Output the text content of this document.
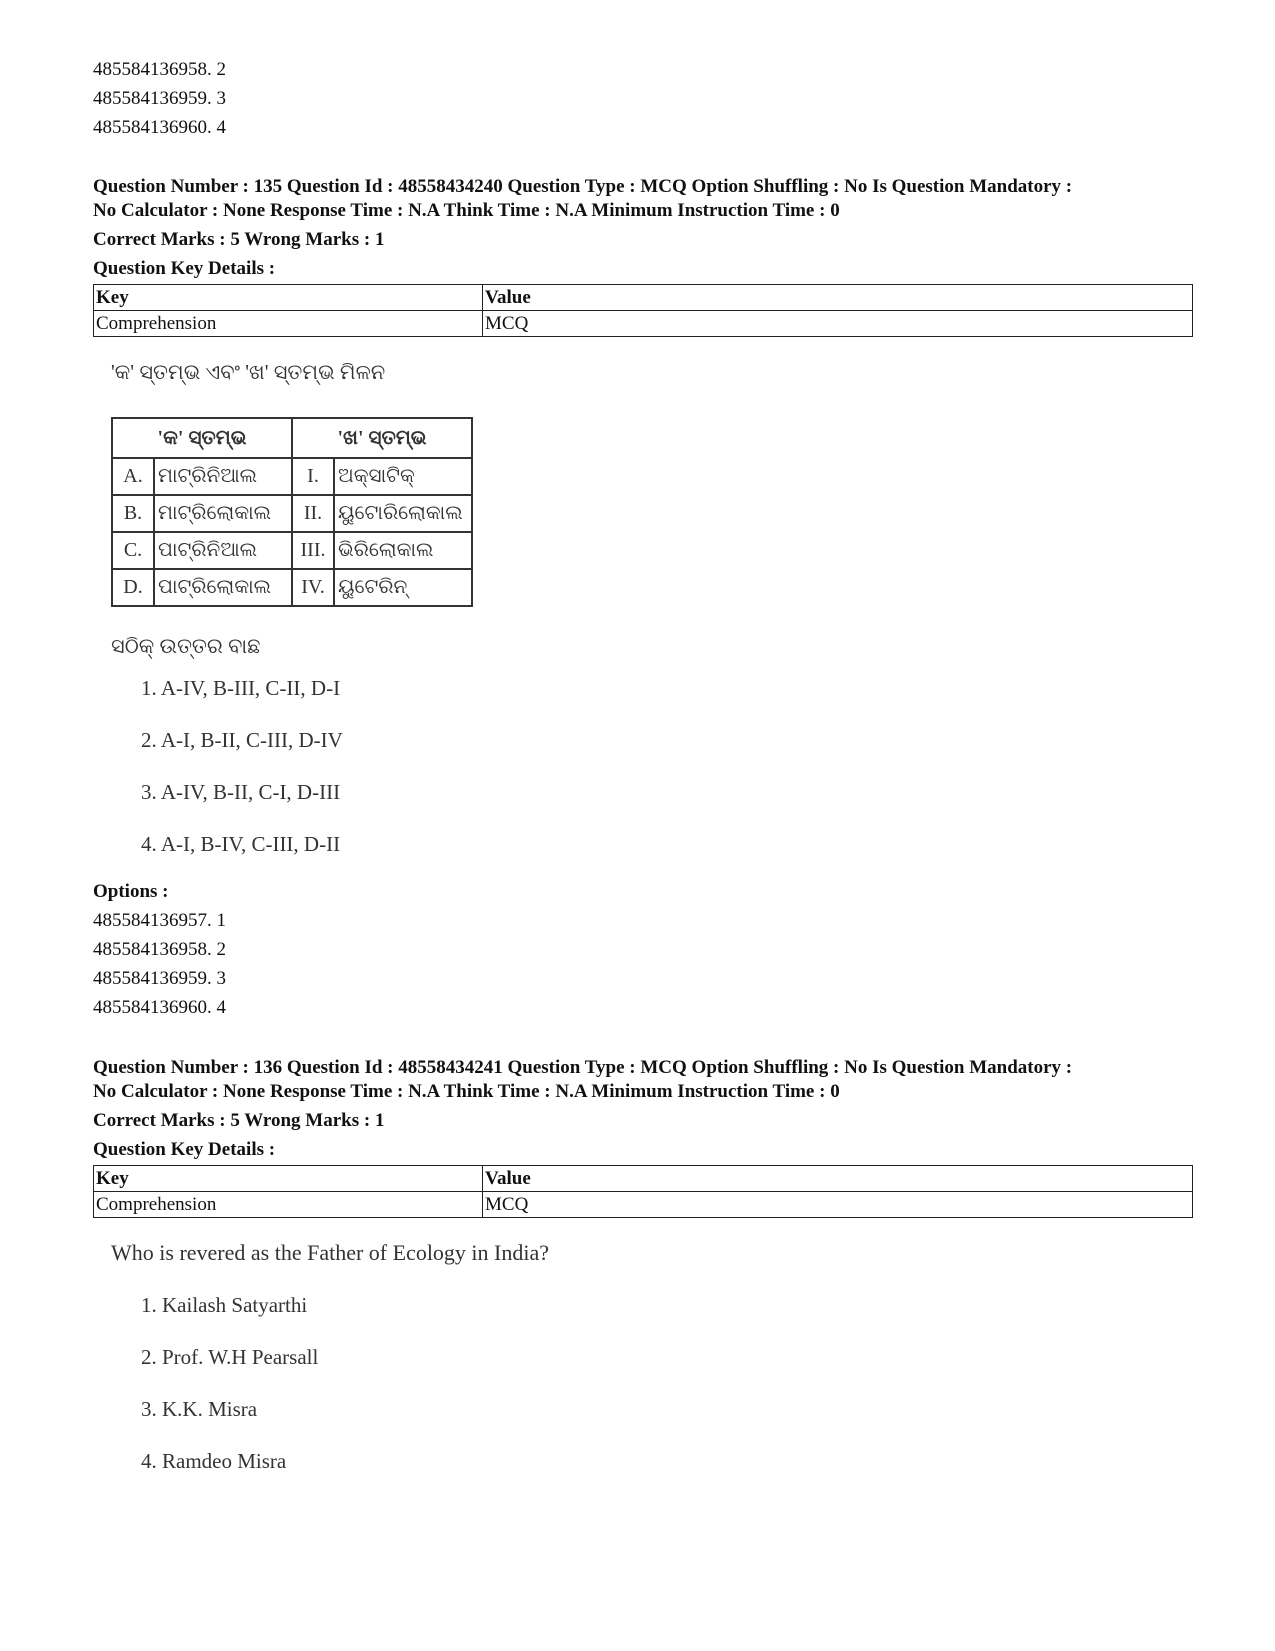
485584136958. 2
485584136959. 3
485584136960. 4
Question Number : 135 Question Id : 48558434240 Question Type : MCQ Option Shuffling : No Is Question Mandatory :
No Calculator : None Response Time : N.A Think Time : N.A Minimum Instruction Time : 0
Correct Marks : 5 Wrong Marks : 1
Question Key Details :
Key	Value
Comprehension	MCQ
'କ' ସ୍ତମ୍ଭ ଏବଂ 'ଖ' ସ୍ତମ୍ଭ ମିଳନ
'କ' ସ୍ତମ୍ଭ		'ଖ' ସ୍ତମ୍ଭ	
A.	ମାଟ୍ରିନିଆଲ	I.	ଅକ୍ସାଟିକ୍
B.	ମାଟ୍ରିଲୋକାଲ	II.	ୟୁଟୋରିଲୋକାଲ
C.	ପାଟ୍ରିନିଆଲ	III.	ଭିରିଲୋକାଲ
D.	ପାଟ୍ରିଲୋକାଲ	IV.	ୟୁଟେରିନ୍
ସଠିକ୍ ଉତ୍ତର ବାଛ
1. A-IV, B-III, C-II, D-I
2. A-I, B-II, C-III, D-IV
3. A-IV, B-II, C-I, D-III
4. A-I, B-IV, C-III, D-II
Options :
485584136957. 1
485584136958. 2
485584136959. 3
485584136960. 4
Question Number : 136 Question Id : 48558434241 Question Type : MCQ Option Shuffling : No Is Question Mandatory :
No Calculator : None Response Time : N.A Think Time : N.A Minimum Instruction Time : 0
Correct Marks : 5 Wrong Marks : 1
Question Key Details :
Key	Value
Comprehension	MCQ
Who is revered as the Father of Ecology in India?
1. Kailash Satyarthi
2. Prof. W.H Pearsall
3. K.K. Misra
4. Ramdeo Misra
